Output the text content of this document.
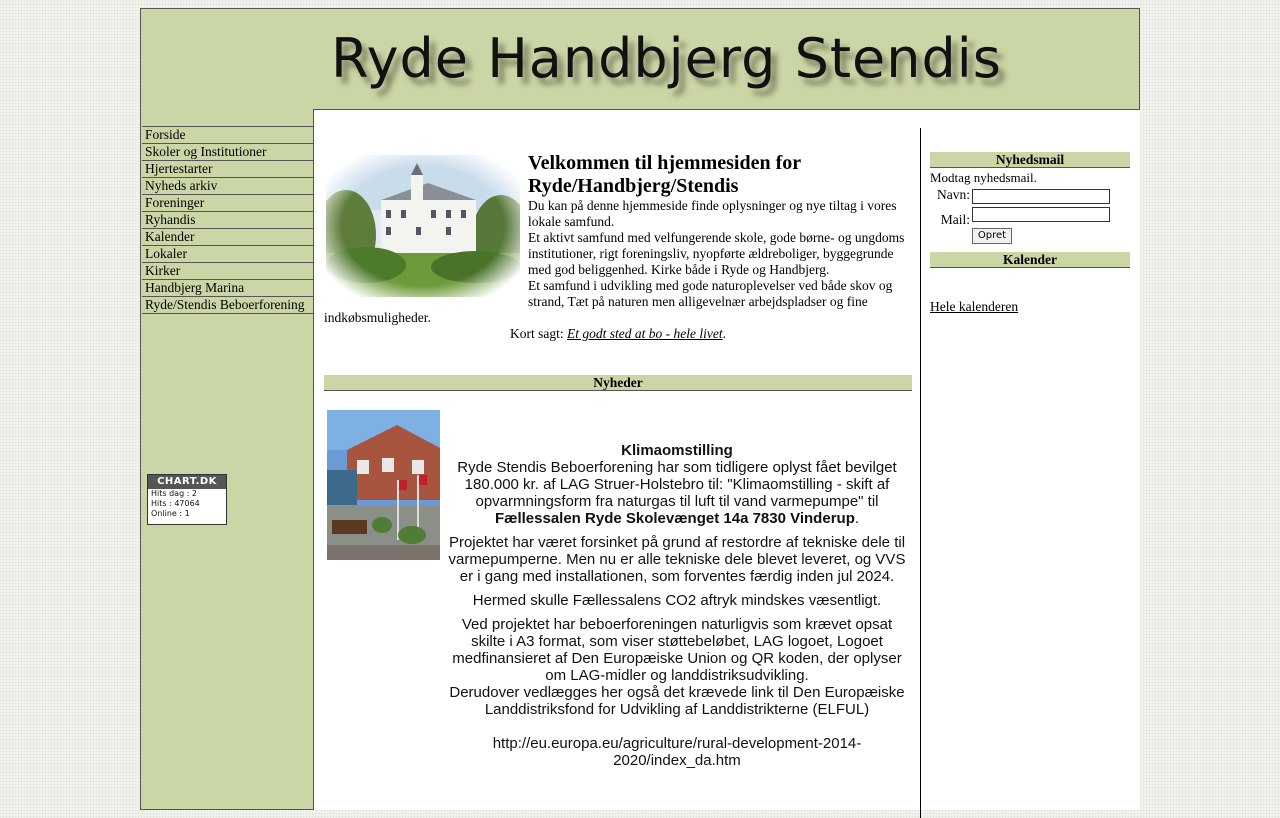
Ryde Handbjerg Stendis
Forside
Skoler og Institutioner
Hjertestarter
Nyheds arkiv
Foreninger
Ryhandis
Kalender
Lokaler
Kirker
Handbjerg Marina
Ryde/Stendis Beboerforening
CHART.DK
Hits dag : 2
Hits : 47064
Online : 1
Velkommen til hjemmesiden for Ryde/Handbjerg/Stendis

Du kan på denne hjemmeside finde oplysninger og nye tiltag i vores lokale samfund.

Et aktivt samfund med velfungerende skole, gode børne- og ungdoms institutioner, rigt foreningsliv, nyopførte ældreboliger, byggegrunde med god beliggenhed. Kirke både i Ryde og Handbjerg.

Et samfund i udvikling med gode naturoplevelser ved både skov og strand, Tæt på naturen men alligevelnær arbejdspladser og fine indkøbsmuligheder.

Kort sagt: Et godt sted at bo - hele livet.

Nyheder

Klimaomstilling
Ryde Stendis Beboerforening har som tidligere oplyst fået bevilget 180.000 kr. af LAG Struer-Holstebro til: "Klimaomstilling - skift af opvarmningsform fra naturgas til luft til vand varmepumpe" til
Fællessalen Ryde Skolevænget 14a 7830 Vinderup.

Projektet har været forsinket på grund af restordre af tekniske dele til varmepumperne. Men nu er alle tekniske dele blevet leveret, og VVS er i gang med installationen, som forventes færdig inden jul 2024.

Hermed skulle Fællessalens CO2 aftryk mindskes væsentligt.

Ved projektet har beboerforeningen naturligvis som krævet opsat skilte i A3 format, som viser støttebeløbet, LAG logoet, Logoet medfinansieret af Den Europæiske Union og QR koden, der oplyser om LAG-midler og landdistriksudvikling.
Derudover vedlægges her også det krævede link til Den Europæiske Landdistriksfond for Udvikling af Landdistrikterne (ELFUL)

http://eu.europa.eu/agriculture/rural-development-2014-2020/index_da.htm

Nyhedsmail
Modtag nyhedsmail.
Navn:
Mail:
Opret
Kalender
Hele kalenderen
